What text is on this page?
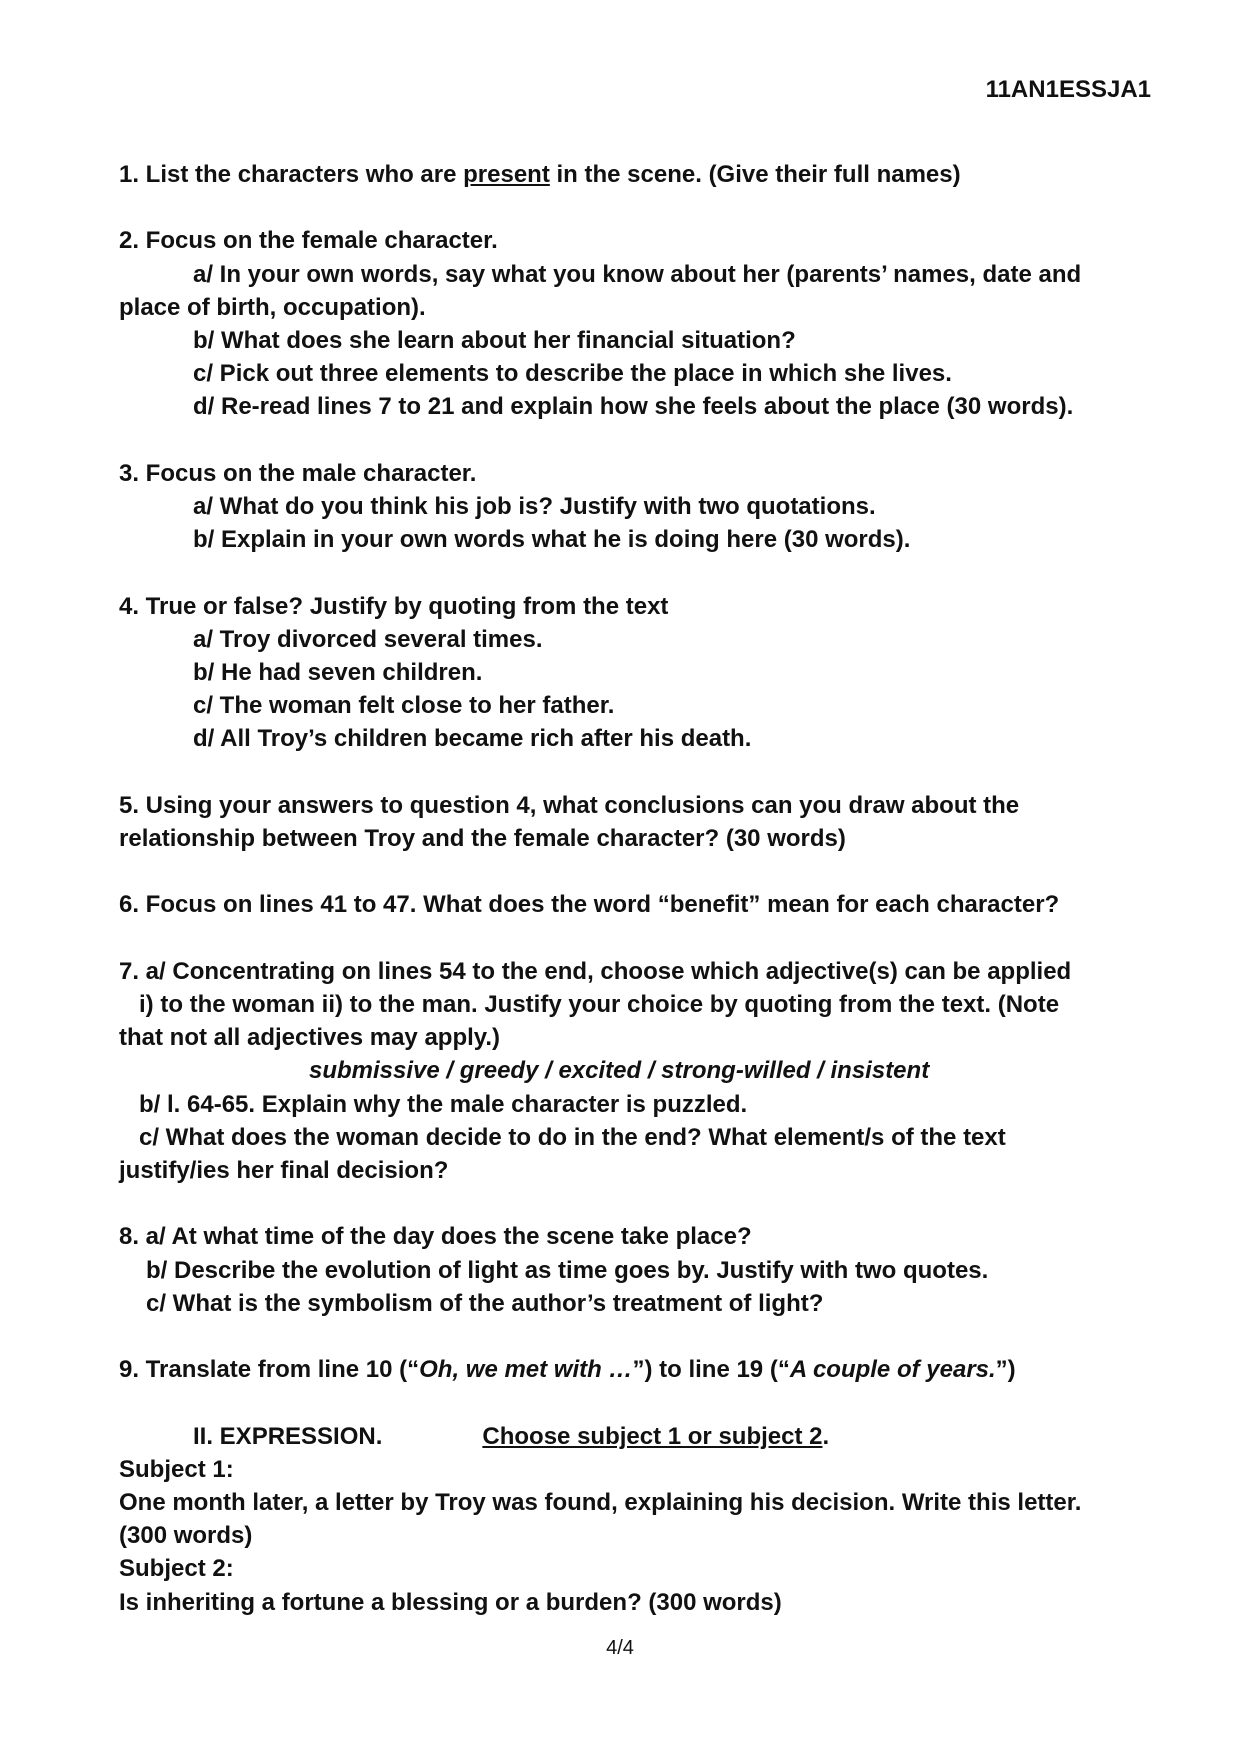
11AN1ESSJA1
1. List the characters who are present in the scene. (Give their full names)
2. Focus on the female character.
a/ In your own words, say what you know about her (parents’ names, date and
place of birth, occupation).
b/ What does she learn about her financial situation?
c/ Pick out three elements to describe the place in which she lives.
d/ Re-read lines 7 to 21 and explain how she feels about the place (30 words).
3. Focus on the male character.
a/ What do you think his job is? Justify with two quotations.
b/ Explain in your own words what he is doing here (30 words).
4. True or false? Justify by quoting from the text
a/ Troy divorced several times.
b/ He had seven children.
c/ The woman felt close to her father.
d/ All Troy’s children became rich after his death.
5. Using your answers to question 4, what conclusions can you draw about the
relationship between Troy and the female character? (30 words)
6. Focus on lines 41 to 47. What does the word “benefit” mean for each character?
7. a/ Concentrating on lines 54 to the end, choose which adjective(s) can be applied
i) to the woman ii) to the man. Justify your choice by quoting from the text. (Note
that not all adjectives may apply.)
submissive / greedy / excited / strong-willed / insistent
b/ l. 64-65. Explain why the male character is puzzled.
c/ What does the woman decide to do in the end? What element/s of the text
justify/ies her final decision?
8. a/ At what time of the day does the scene take place?
b/ Describe the evolution of light as time goes by. Justify with two quotes.
c/ What is the symbolism of the author’s treatment of light?
9. Translate from line 10 (“Oh, we met with …”) to line 19 (“A couple of years.”)
II. EXPRESSION.	Choose subject 1 or subject 2.
Subject 1:
One month later, a letter by Troy was found, explaining his decision. Write this letter.
(300 words)
Subject 2:
Is inheriting a fortune a blessing or a burden? (300 words)
4/4
